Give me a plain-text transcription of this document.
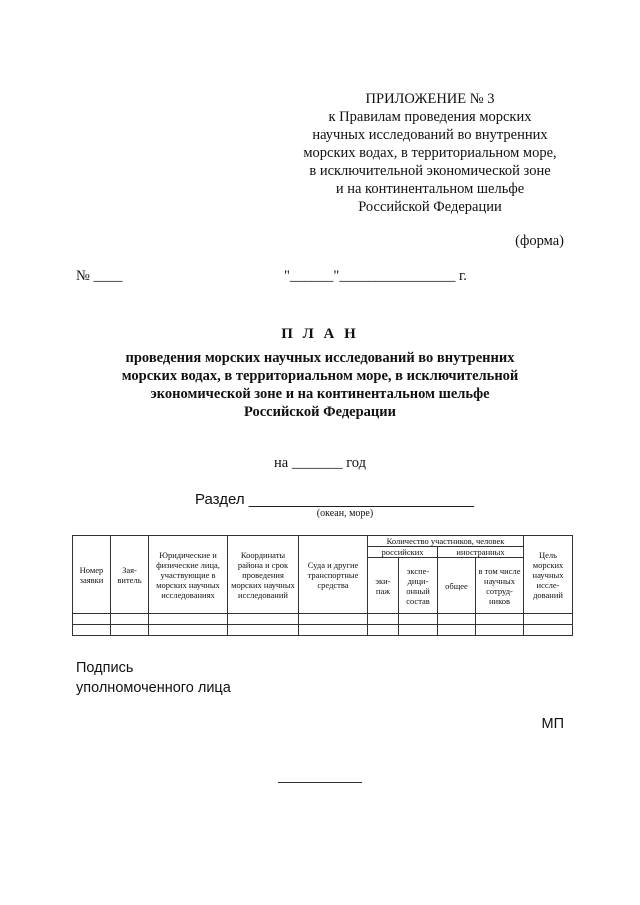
ПРИЛОЖЕНИЕ № 3
к Правилам проведения морских
научных исследований во внутренних
морских водах, в территориальном море,
в исключительной экономической зоне
и на континентальном шельфе
Российской Федерации
(форма)
№ ____	"______"________________ г.
П Л А Н
проведения морских научных исследований во внутренних
морских водах, в территориальном море, в исключительной
экономической зоне и на континентальном шельфе
Российской Федерации
на _______ год
Раздел ___________________________
(океан, море)
Номер заявки	Зая-витель	Юридические и физические лица, участвующие в морских научных исследованиях	Координаты района и срок проведения морских научных исследований	Суда и другие транспортные средства	Количество участников, человек				Цель морских научных иссле-дований
					российских		иностранных		
					эки-паж	экспе-дици-онный состав	общее	в том числе научных сотруд-ников	

Подпись
уполномоченного лица
МП
